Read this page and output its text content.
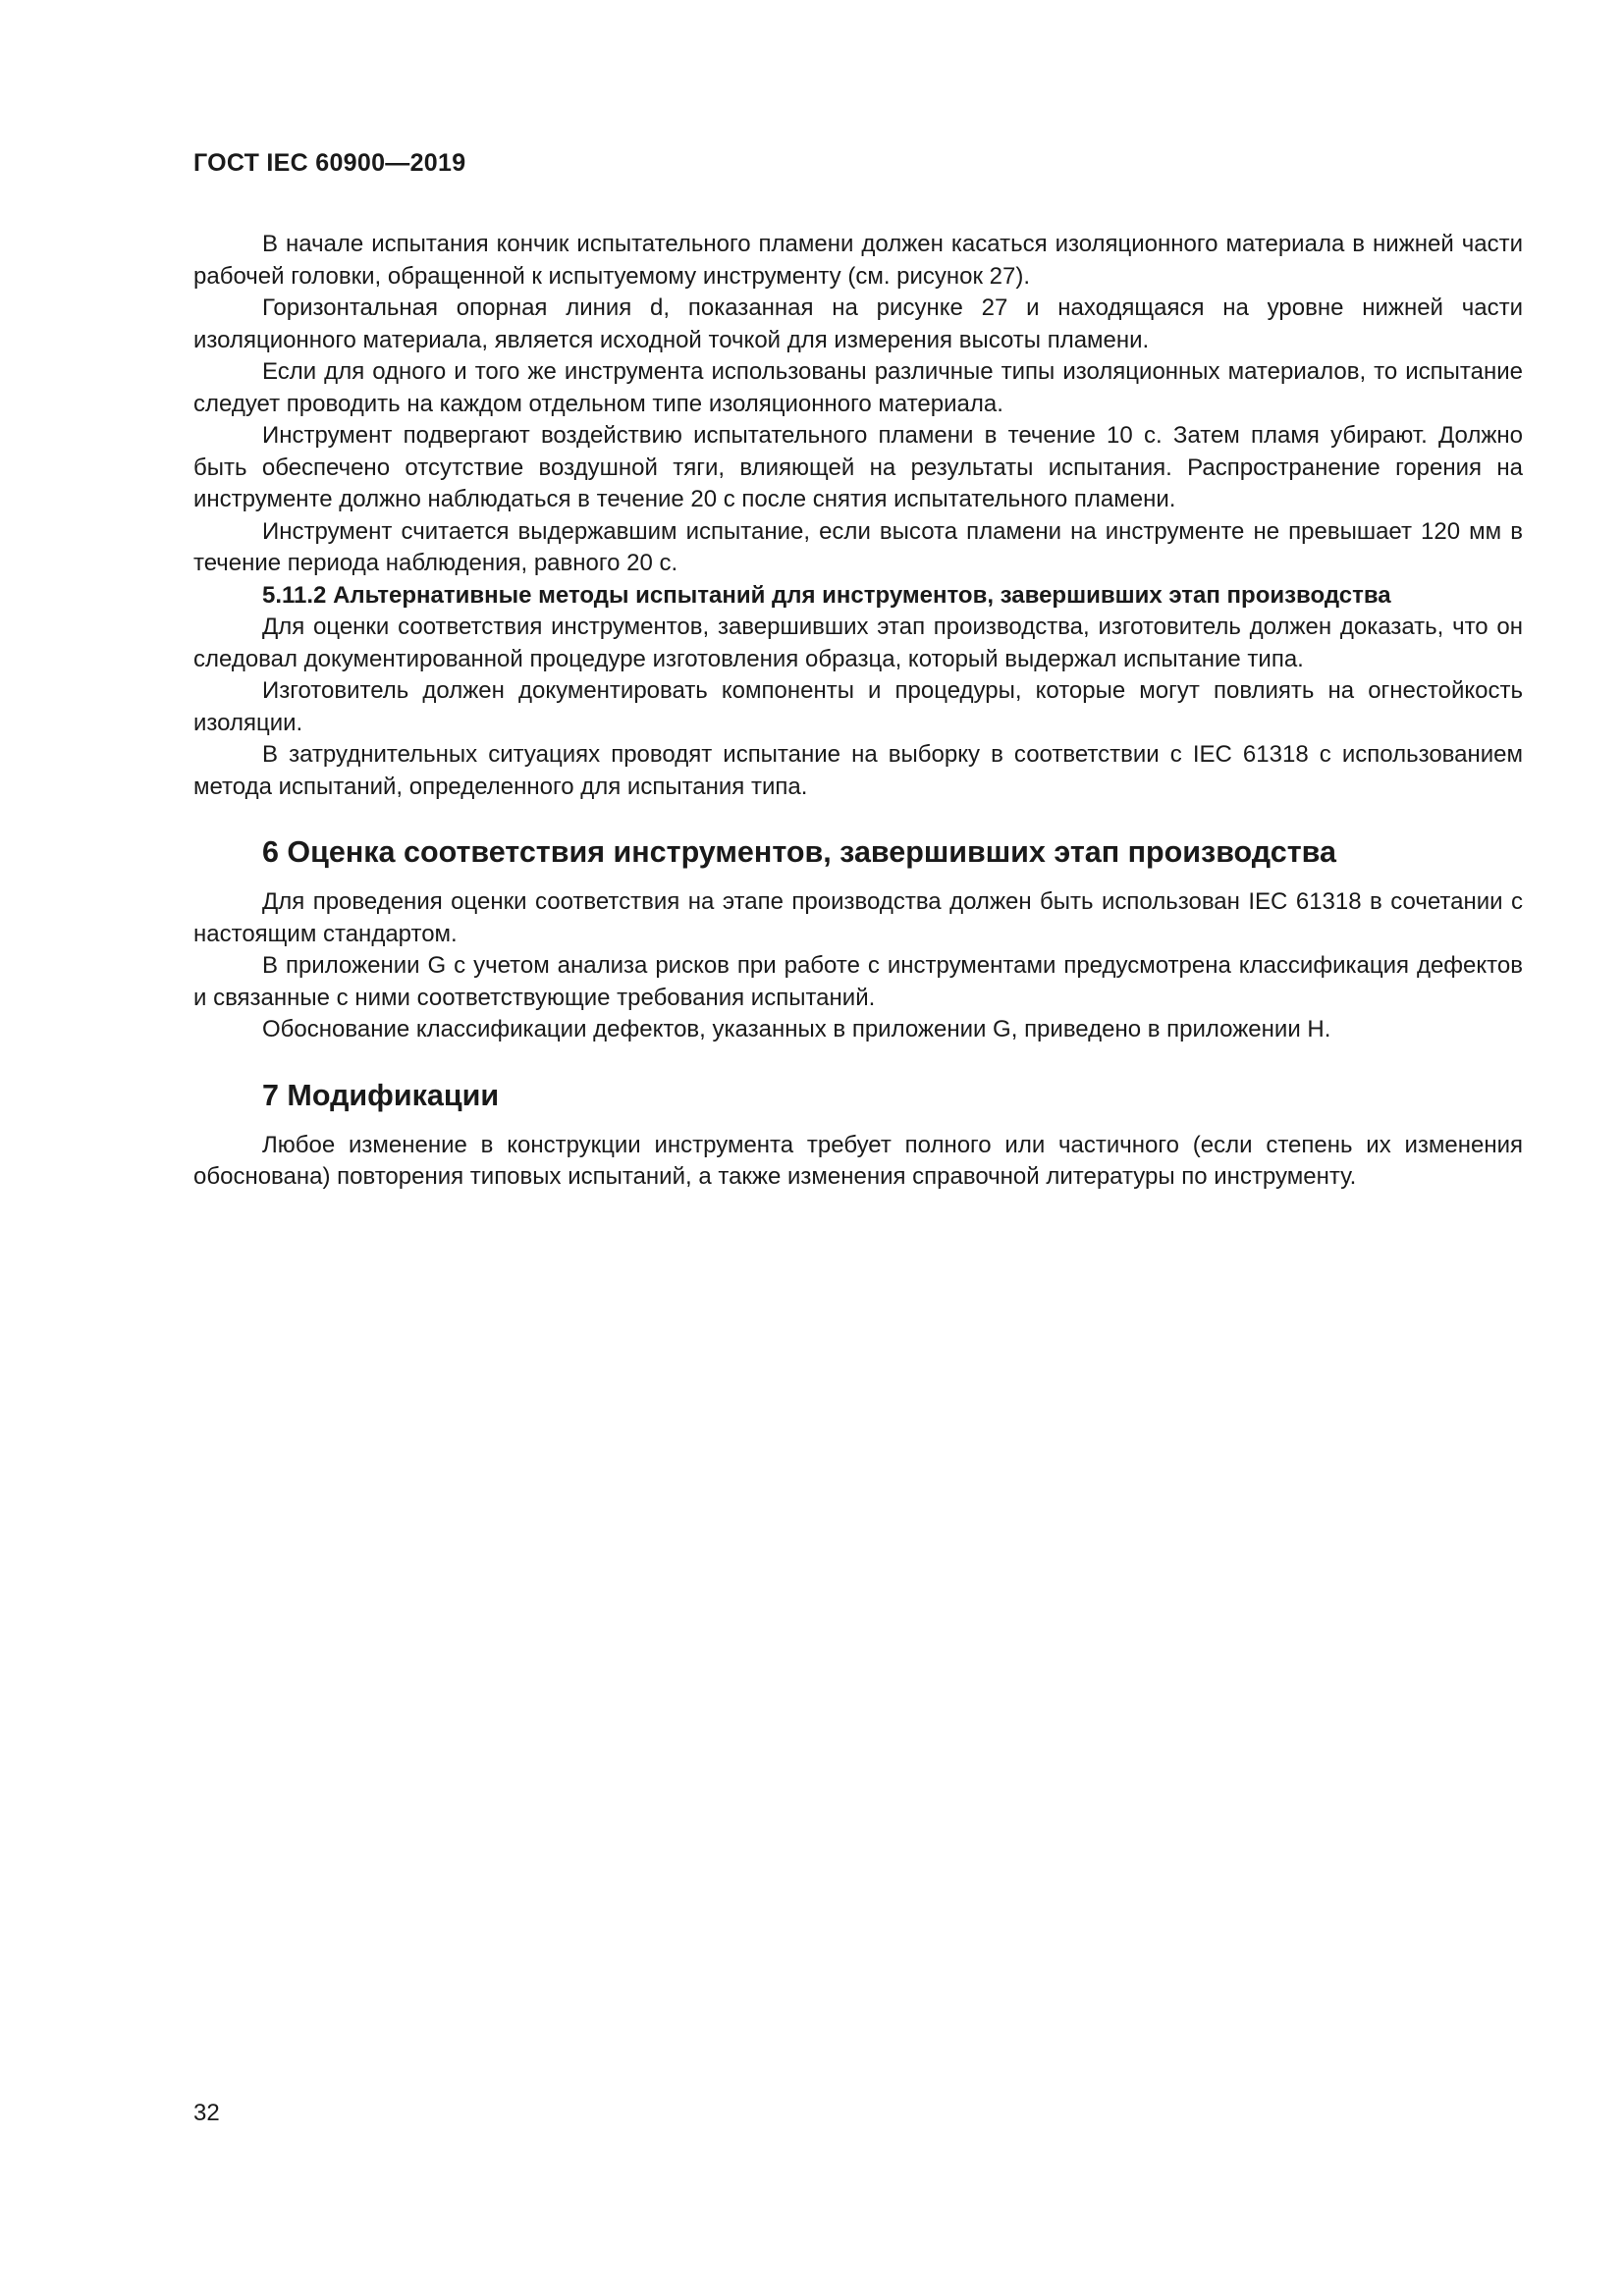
ГОСТ IEC 60900—2019

В начале испытания кончик испытательного пламени должен касаться изоляционного материала в нижней части рабочей головки, обращенной к испытуемому инструменту (см. рисунок 27).

Горизонтальная опорная линия d, показанная на рисунке 27 и находящаяся на уровне нижней части изоляционного материала, является исходной точкой для измерения высоты пламени.

Если для одного и того же инструмента использованы различные типы изоляционных материалов, то испытание следует проводить на каждом отдельном типе изоляционного материала.

Инструмент подвергают воздействию испытательного пламени в течение 10 с. Затем пламя убирают. Должно быть обеспечено отсутствие воздушной тяги, влияющей на результаты испытания. Распространение горения на инструменте должно наблюдаться в течение 20 с после снятия испытательного пламени.

Инструмент считается выдержавшим испытание, если высота пламени на инструменте не превышает 120 мм в течение периода наблюдения, равного 20 с.

5.11.2 Альтернативные методы испытаний для инструментов, завершивших этап производства

Для оценки соответствия инструментов, завершивших этап производства, изготовитель должен доказать, что он следовал документированной процедуре изготовления образца, который выдержал испытание типа.

Изготовитель должен документировать компоненты и процедуры, которые могут повлиять на огнестойкость изоляции.

В затруднительных ситуациях проводят испытание на выборку в соответствии с IEC 61318 с использованием метода испытаний, определенного для испытания типа.

6 Оценка соответствия инструментов, завершивших этап производства

Для проведения оценки соответствия на этапе производства должен быть использован IEC 61318 в сочетании с настоящим стандартом.

В приложении G с учетом анализа рисков при работе с инструментами предусмотрена классификация дефектов и связанные с ними соответствующие требования испытаний.

Обоснование классификации дефектов, указанных в приложении G, приведено в приложении H.

7 Модификации

Любое изменение в конструкции инструмента требует полного или частичного (если степень их изменения обоснована) повторения типовых испытаний, а также изменения справочной литературы по инструменту.

32
